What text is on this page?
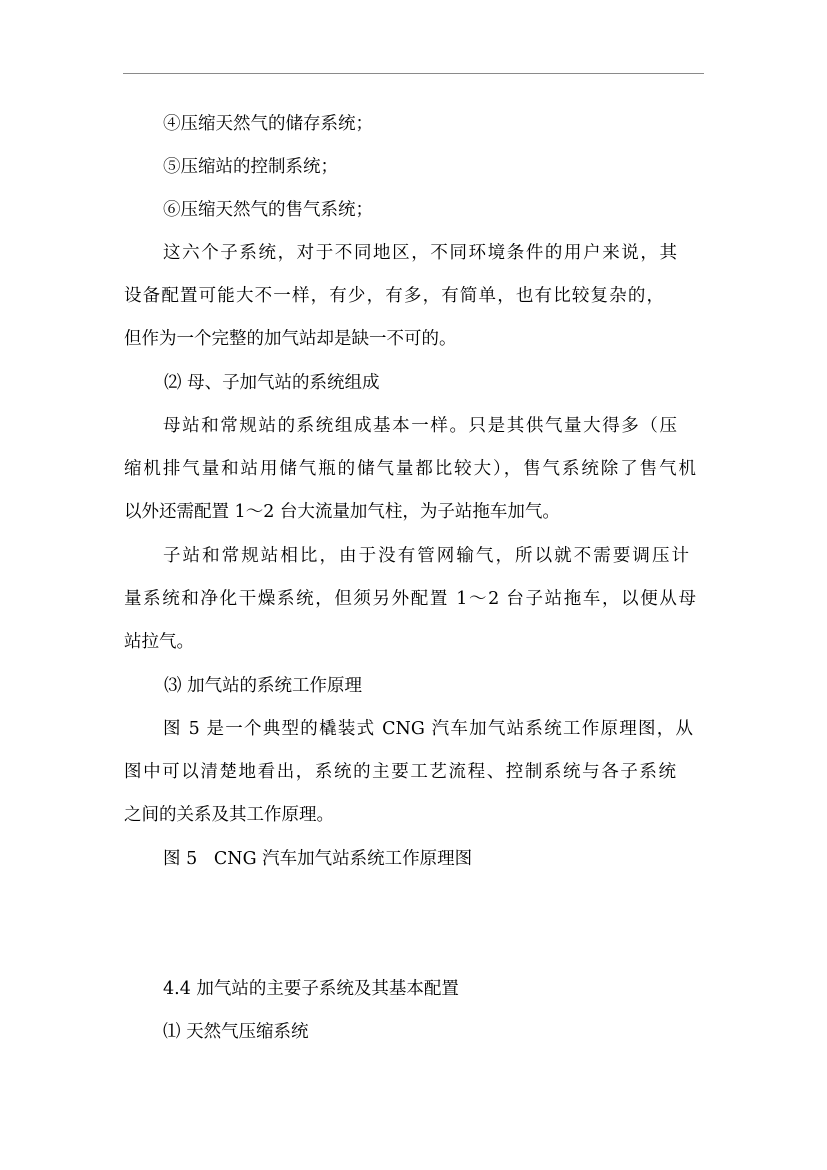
④压缩天然气的储存系统；
⑤压缩站的控制系统；
⑥压缩天然气的售气系统；
这六个子系统，对于不同地区，不同环境条件的用户来说，其
设备配置可能大不一样，有少，有多，有简单，也有比较复杂的，
但作为一个完整的加气站却是缺一不可的。
⑵ 母、子加气站的系统组成
母站和常规站的系统组成基本一样。只是其供气量大得多（压
缩机排气量和站用储气瓶的储气量都比较大），售气系统除了售气机
以外还需配置 1～2 台大流量加气柱，为子站拖车加气。
子站和常规站相比，由于没有管网输气，所以就不需要调压计
量系统和净化干燥系统，但须另外配置 1～2 台子站拖车，以便从母
站拉气。
⑶ 加气站的系统工作原理
图 5 是一个典型的橇装式 CNG 汽车加气站系统工作原理图，从
图中可以清楚地看出，系统的主要工艺流程、控制系统与各子系统
之间的关系及其工作原理。
图 5   CNG 汽车加气站系统工作原理图
4.4 加气站的主要子系统及其基本配置
⑴ 天然气压缩系统
